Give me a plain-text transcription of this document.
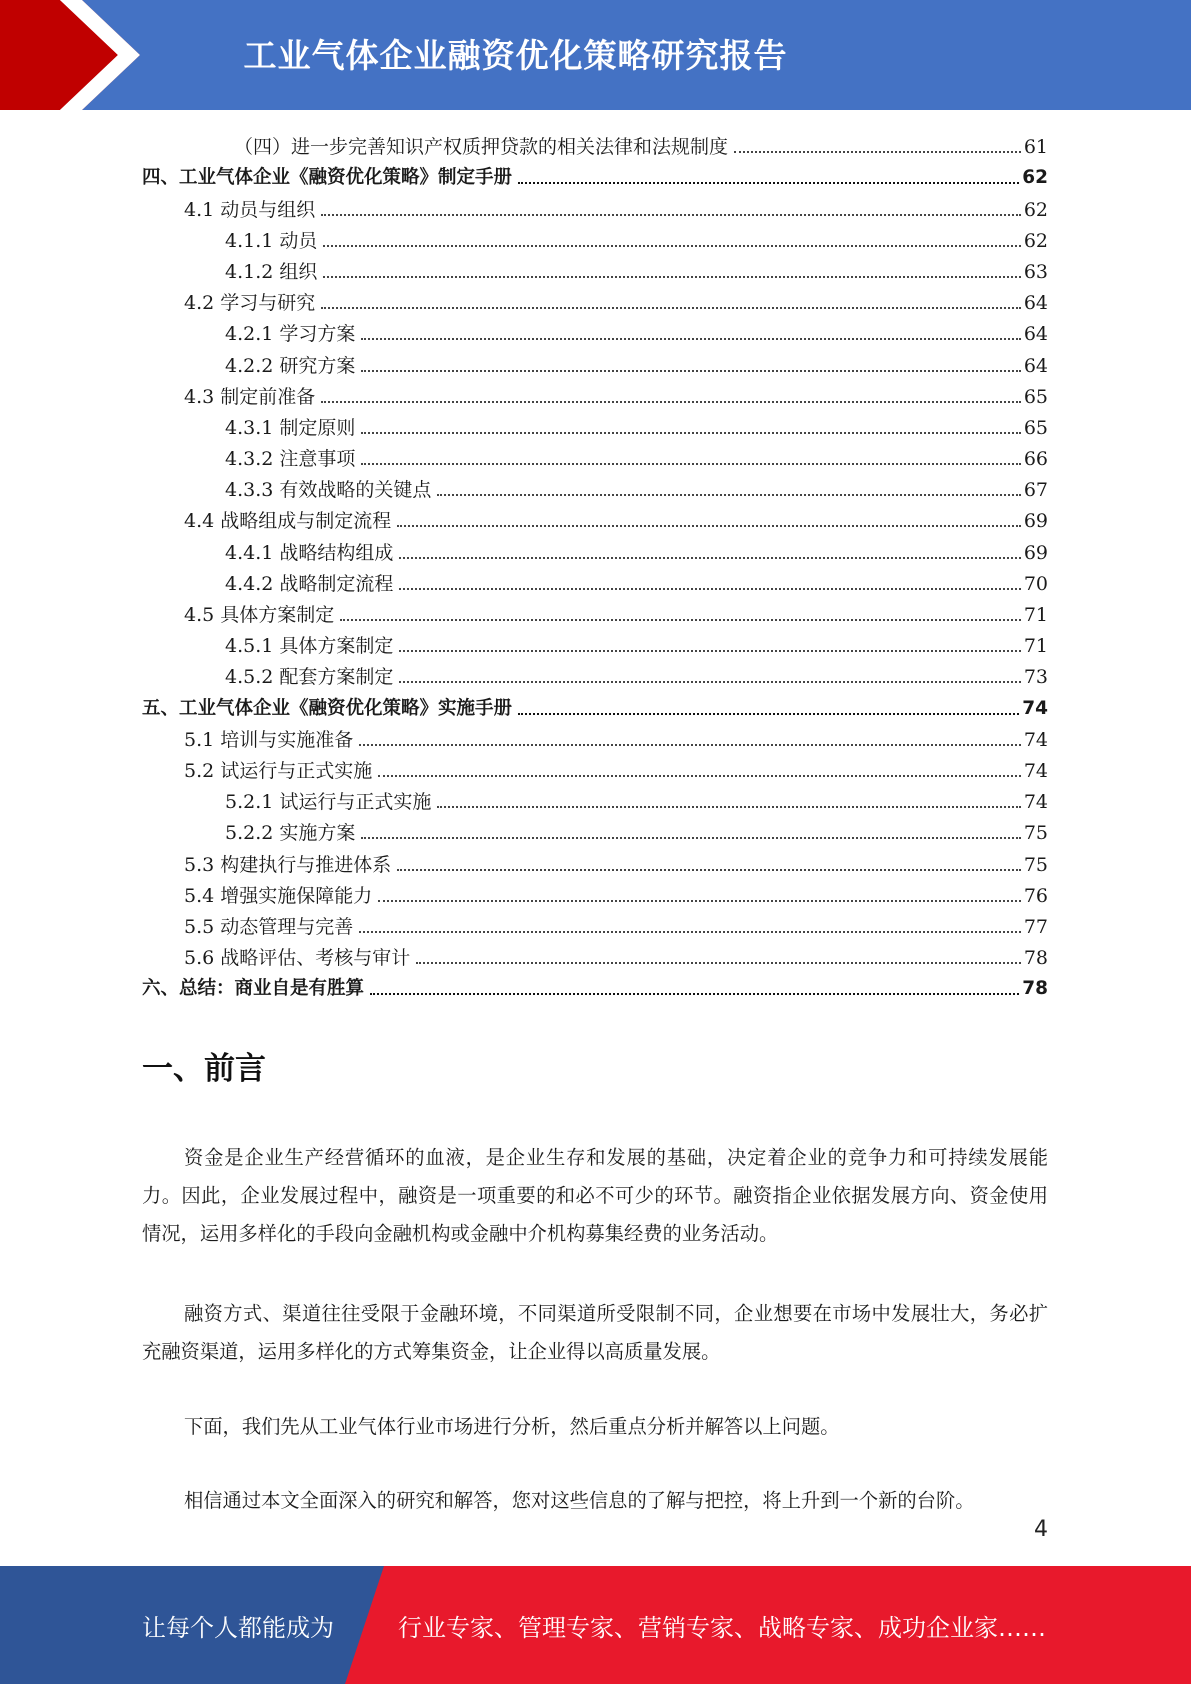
工业气体企业融资优化策略研究报告
（四）进一步完善知识产权质押贷款的相关法律和法规制度	61
四、工业气体企业《融资优化策略》制定手册	62
4.1 动员与组织	62
4.1.1 动员	62
4.1.2 组织	63
4.2 学习与研究	64
4.2.1 学习方案	64
4.2.2 研究方案	64
4.3 制定前准备	65
4.3.1 制定原则	65
4.3.2 注意事项	66
4.3.3 有效战略的关键点	67
4.4 战略组成与制定流程	69
4.4.1 战略结构组成	69
4.4.2 战略制定流程	70
4.5 具体方案制定	71
4.5.1 具体方案制定	71
4.5.2 配套方案制定	73
五、工业气体企业《融资优化策略》实施手册	74
5.1 培训与实施准备	74
5.2 试运行与正式实施	74
5.2.1 试运行与正式实施	74
5.2.2 实施方案	75
5.3 构建执行与推进体系	75
5.4 增强实施保障能力	76
5.5 动态管理与完善	77
5.6 战略评估、考核与审计	78
六、总结：商业自是有胜算	78
一、前言
资金是企业生产经营循环的血液，是企业生存和发展的基础，决定着企业的竞争力和可持续发展能力。因此，企业发展过程中，融资是一项重要的和必不可少的环节。融资指企业依据发展方向、资金使用情况，运用多样化的手段向金融机构或金融中介机构募集经费的业务活动。
融资方式、渠道往往受限于金融环境，不同渠道所受限制不同，企业想要在市场中发展壮大，务必扩充融资渠道，运用多样化的方式筹集资金，让企业得以高质量发展。
下面，我们先从工业气体行业市场进行分析，然后重点分析并解答以上问题。
相信通过本文全面深入的研究和解答，您对这些信息的了解与把控，将上升到一个新的台阶。
4
让每个人都能成为	行业专家、管理专家、营销专家、战略专家、成功企业家……
